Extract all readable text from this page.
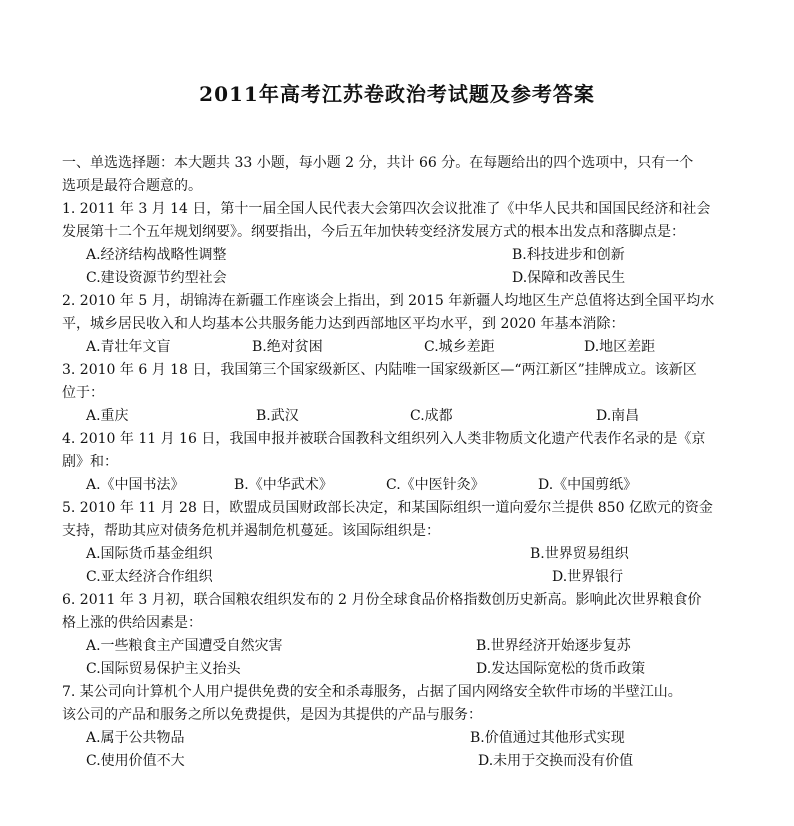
2011年高考江苏卷政治考试题及参考答案
一、单选选择题：本大题共 33 小题，每小题 2 分，共计 66 分。在每题给出的四个选项中，只有一个
选项是最符合题意的。
1. 2011 年 3 月 14 日，第十一届全国人民代表大会第四次会议批准了《中华人民共和国国民经济和社会
发展第十二个五年规划纲要》。纲要指出，今后五年加快转变经济发展方式的根本出发点和落脚点是：
A.经济结构战略性调整	B.科技进步和创新
C.建设资源节约型社会	D.保障和改善民生
2. 2010 年 5 月，胡锦涛在新疆工作座谈会上指出，到 2015 年新疆人均地区生产总值将达到全国平均水
平，城乡居民收入和人均基本公共服务能力达到西部地区平均水平，到 2020 年基本消除：
A.青壮年文盲	B.绝对贫困	C.城乡差距	D.地区差距
3. 2010 年 6 月 18 日，我国第三个国家级新区、内陆唯一国家级新区—“两江新区”挂牌成立。该新区
位于：
A.重庆	B.武汉	C.成都	D.南昌
4. 2010 年 11 月 16 日，我国申报并被联合国教科文组织列入人类非物质文化遗产代表作名录的是《京
剧》和：
A.《中国书法》	B.《中华武术》	C.《中医针灸》	D.《中国剪纸》
5. 2010 年 11 月 28 日，欧盟成员国财政部长决定，和某国际组织一道向爱尔兰提供 850 亿欧元的资金
支持，帮助其应对债务危机并遏制危机蔓延。该国际组织是：
A.国际货币基金组织	B.世界贸易组织
C.亚太经济合作组织	D.世界银行
6. 2011 年 3 月初，联合国粮农组织发布的 2 月份全球食品价格指数创历史新高。影响此次世界粮食价
格上涨的供给因素是：
A.一些粮食主产国遭受自然灾害	B.世界经济开始逐步复苏
C.国际贸易保护主义抬头	D.发达国际宽松的货币政策
7. 某公司向计算机个人用户提供免费的安全和杀毒服务，占据了国内网络安全软件市场的半壁江山。
该公司的产品和服务之所以免费提供，是因为其提供的产品与服务：
A.属于公共物品	B.价值通过其他形式实现
C.使用价值不大	D.未用于交换而没有价值
